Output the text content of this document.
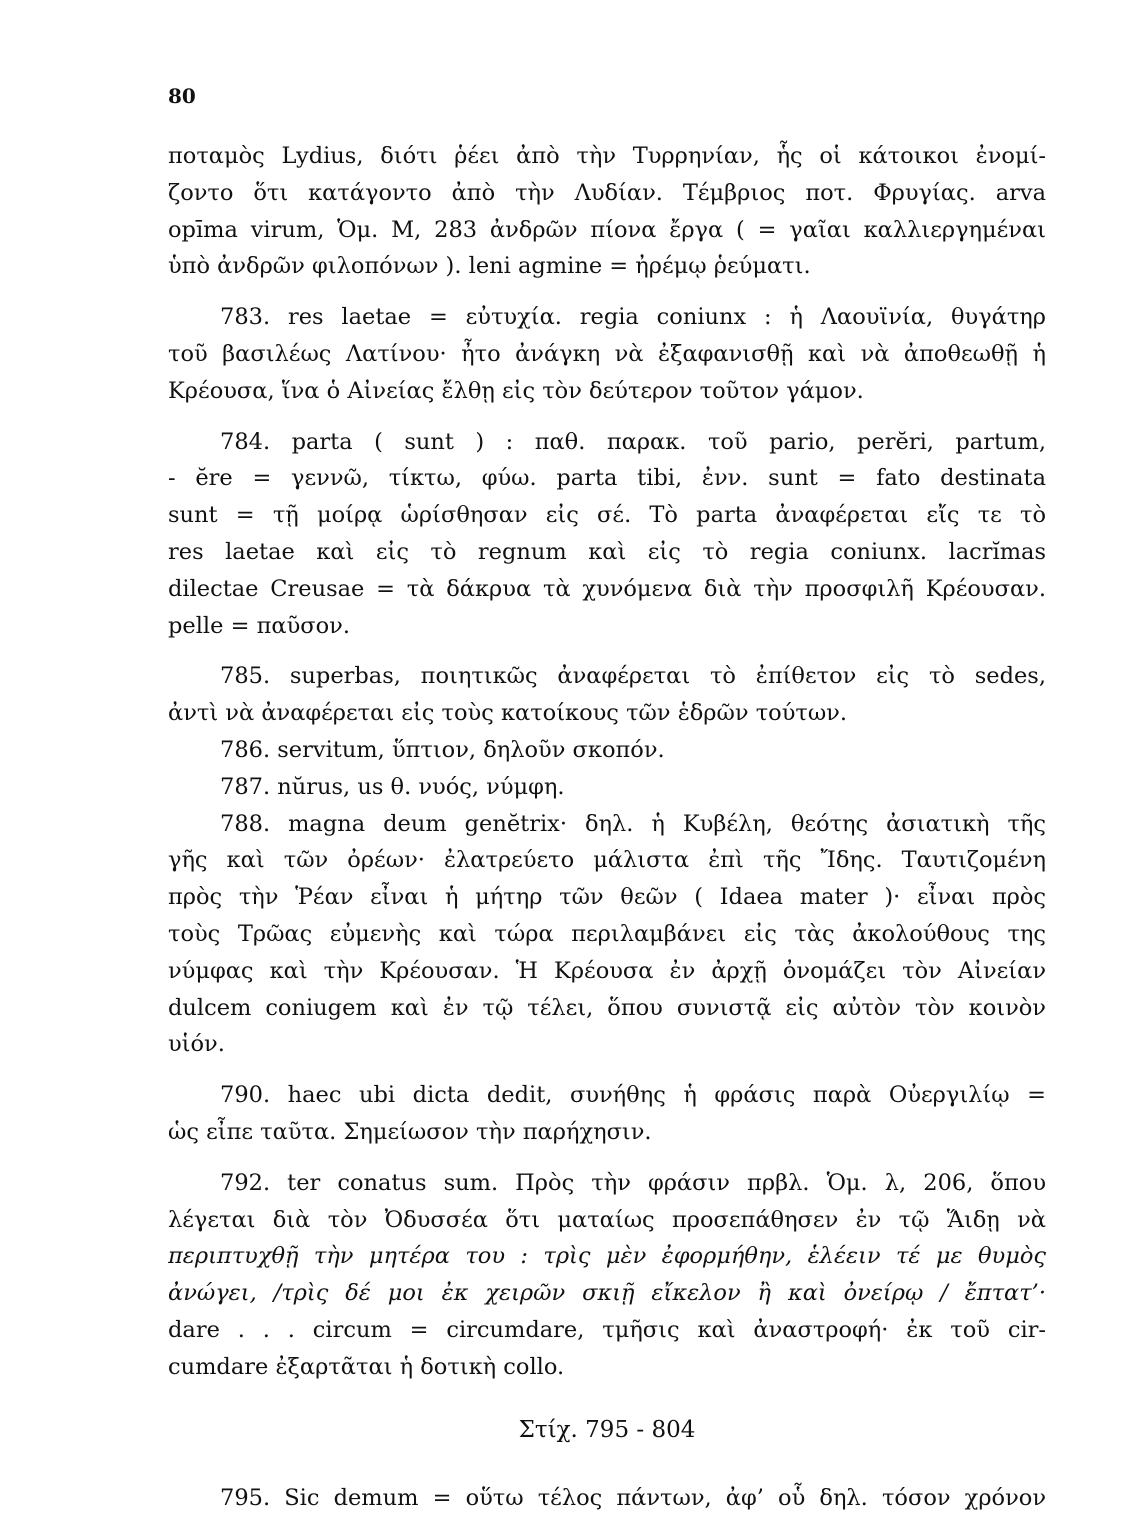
80
ποταμὸς Lydius, διότι ῥέει ἀπὸ τὴν Τυρρηνίαν, ἧς οἱ κάτοικοι ἐνομί-
ζοντο ὅτι κατάγοντο ἀπὸ τὴν Λυδίαν. Τέμβριος ποτ. Φρυγίας. arva
opīma virum, Ὁμ. Μ, 283 ἀνδρῶν πίονα ἔργα ( = γαῖαι καλλιεργημέναι
ὑπὸ ἀνδρῶν φιλοπόνων ). leni agmine = ἠρέμῳ ῥεύματι.
783. res laetae = εὐτυχία. regia coniunx : ἡ Λαουϊνία, θυγάτηρ
τοῦ βασιλέως Λατίνου· ἦτο ἀνάγκη νὰ ἐξαφανισθῇ καὶ νὰ ἀποθεωθῇ ἡ
Κρέουσα, ἵνα ὁ Αἰνείας ἔλθῃ εἰς τὸν δεύτερον τοῦτον γάμον.
784. parta ( sunt ) : παθ. παρακ. τοῦ pario, perĕri, partum,
- ĕre = γεννῶ, τίκτω, φύω. parta tibi, ἐνν. sunt = fato destinata
sunt = τῇ μοίρᾳ ὡρίσθησαν εἰς σέ. Τὸ parta ἀναφέρεται εἴς τε τὸ
res laetae καὶ εἰς τὸ regnum καὶ εἰς τὸ regia coniunx. lacrĭmas
dilectae Creusae = τὰ δάκρυα τὰ χυνόμενα διὰ τὴν προσφιλῆ Κρέουσαν.
pelle = παῦσον.
785. superbas, ποιητικῶς ἀναφέρεται τὸ ἐπίθετον εἰς τὸ sedes,
ἀντὶ νὰ ἀναφέρεται εἰς τοὺς κατοίκους τῶν ἑδρῶν τούτων.
786. servitum, ὕπτιον, δηλοῦν σκοπόν.
787. nŭrus, us θ. νυός, νύμφη.
788. magna deum genĕtrix· δηλ. ἡ Κυβέλη, θεότης ἀσιατικὴ τῆς
γῆς καὶ τῶν ὀρέων· ἐλατρεύετο μάλιστα ἐπὶ τῆς Ἴδης. Ταυτιζομένη
πρὸς τὴν Ῥέαν εἶναι ἡ μήτηρ τῶν θεῶν ( Idaea mater )· εἶναι πρὸς
τοὺς Τρῶας εὐμενὴς καὶ τώρα περιλαμβάνει εἰς τὰς ἀκολούθους της
νύμφας καὶ τὴν Κρέουσαν. Ἡ Κρέουσα ἐν ἀρχῇ ὀνομάζει τὸν Αἰνείαν
dulcem coniugem καὶ ἐν τῷ τέλει, ὅπου συνιστᾷ εἰς αὐτὸν τὸν κοινὸν
υἱόν.
790. haec ubi dicta dedit, συνήθης ἡ φράσις παρὰ Οὐεργιλίῳ =
ὡς εἶπε ταῦτα. Σημείωσον τὴν παρήχησιν.
792. ter conatus sum. Πρὸς τὴν φράσιν πρβλ. Ὁμ. λ, 206, ὅπου
λέγεται διὰ τὸν Ὀδυσσέα ὅτι ματαίως προσεπάθησεν ἐν τῷ Ἅιδῃ νὰ
περιπτυχθῇ τὴν μητέρα του : τρὶς μὲν ἐφορμήθην, ἑλέειν τέ με θυμὸς
ἀνώγει, /τρὶς δέ μοι ἐκ χειρῶν σκιῇ εἴκελον ἢ καὶ ὀνείρῳ / ἔπτατ’·
dare . . . circum = circumdare, τμῆσις καὶ ἀναστροφή· ἐκ τοῦ cir-
cumdare ἐξαρτᾶται ἡ δοτικὴ collo.
Στίχ. 795 - 804
795. Sic demum = οὕτω τέλος πάντων, ἀφ’ οὗ δηλ. τόσον χρόνον
